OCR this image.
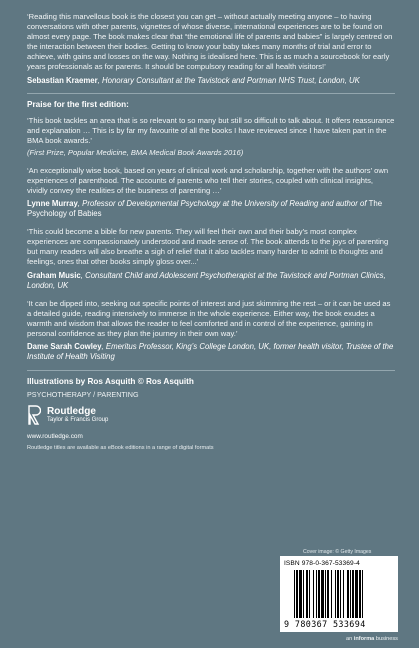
‘Reading this marvellous book is the closest you can get – without actually meeting anyone – to having conversations with other parents, vignettes of whose diverse, international experiences are to be found on almost every page. The book makes clear that “the emotional life of parents and babies” is largely centred on the interaction between their bodies. Getting to know your baby takes many months of trial and error to achieve, with gains and losses on the way. Nothing is idealised here. This is as much a sourcebook for early years professionals as for parents. It should be compulsory reading for all health visitors!’

Sebastian Kraemer, Honorary Consultant at the Tavistock and Portman NHS Trust, London, UK

Praise for the first edition:

‘This book tackles an area that is so relevant to so many but still so difficult to talk about. It offers reassurance and explanation … This is by far my favourite of all the books I have reviewed since I have taken part in the BMA book awards.’

(First Prize, Popular Medicine, BMA Medical Book Awards 2016)

‘An exceptionally wise book, based on years of clinical work and scholarship, together with the authors’ own experiences of parenthood. The accounts of parents who tell their stories, coupled with clinical insights, vividly convey the realities of the business of parenting …’

Lynne Murray, Professor of Developmental Psychology at the University of Reading and author of The Psychology of Babies

‘This could become a bible for new parents. They will feel their own and their baby’s most complex experiences are compassionately understood and made sense of. The book attends to the joys of parenting but many readers will also breathe a sigh of relief that it also tackles many harder to admit to thoughts and feelings, ones that other books simply gloss over...’

Graham Music, Consultant Child and Adolescent Psychotherapist at the Tavistock and Portman Clinics, London, UK

‘It can be dipped into, seeking out specific points of interest and just skimming the rest – or it can be used as a detailed guide, reading intensively to immerse in the whole experience. Either way, the book exudes a warmth and wisdom that allows the reader to feel comforted and in control of the experience, gaining in personal confidence as they plan the journey in their own way.’

Dame Sarah Cowley, Emeritus Professor, King’s College London, UK, former health visitor, Trustee of the Institute of Health Visiting

Illustrations by Ros Asquith © Ros Asquith

PSYCHOTHERAPY / PARENTING

Routledge
Taylor & Francis Group
www.routledge.com
Routledge titles are available as eBook editions in a range of digital formats
Cover image: © Getty Images
ISBN 978-0-367-53369-4
9 780367 533694
an informa business
